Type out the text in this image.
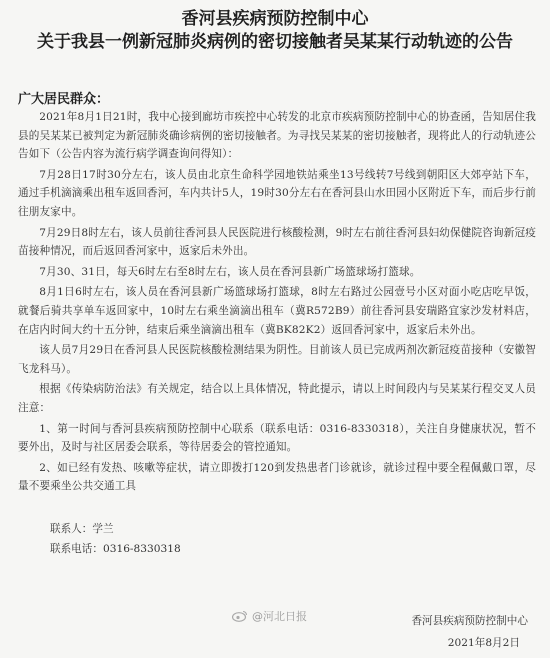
香河县疾病预防控制中心
关于我县一例新冠肺炎病例的密切接触者吴某某行动轨迹的公告
广大居民群众：

2021年8月1日21时，我中心接到廊坊市疾控中心转发的北京市疾病预防控制中心的协查函，告知居住我县的吴某某已被判定为新冠肺炎确诊病例的密切接触者。为寻找吴某某的密切接触者，现将此人的行动轨迹公告如下（公告内容为流行病学调查询问得知）：

7月28日17时30分左右，该人员由北京生命科学园地铁站乘坐13号线转7号线到朝阳区大郊亭站下车，通过手机滴滴乘出租车返回香河，车内共计5人，19时30分左右在香河县山水田园小区附近下车，而后步行前往朋友家中。

7月29日8时左右，该人员前往香河县人民医院进行核酸检测，9时左右前往香河县妇幼保健院咨询新冠疫苗接种情况，而后返回香河家中，返家后未外出。

7月30、31日，每天6时左右至8时左右，该人员在香河县新广场篮球场打篮球。

8月1日6时左右，该人员在香河县新广场篮球场打篮球，8时左右路过公园壹号小区对面小吃店吃早饭，就餐后骑共享单车返回家中，10时左右乘坐滴滴出租车（冀R572B9）前往香河县安瑞路宜家沙发材料店，在店内时间大约十五分钟，结束后乘坐滴滴出租车（冀BK82K2）返回香河家中，返家后未外出。

该人员7月29日在香河县人民医院核酸检测结果为阴性。目前该人员已完成两剂次新冠疫苗接种（安徽智飞龙科马）。

根据《传染病防治法》有关规定，结合以上具体情况，特此提示，请以上时间段内与吴某某行程交叉人员注意：

1、第一时间与香河县疾病预防控制中心联系（联系电话：0316-8330318），关注自身健康状况，暂不要外出，及时与社区居委会联系，等待居委会的管控通知。

2、如已经有发热、咳嗽等症状，请立即拨打120到发热患者门诊就诊，就诊过程中要全程佩戴口罩，尽量不要乘坐公共交通工具

联系人：学兰
联系电话：0316-8330318
@河北日报	香河县疾病预防控制中心
2021年8月2日
